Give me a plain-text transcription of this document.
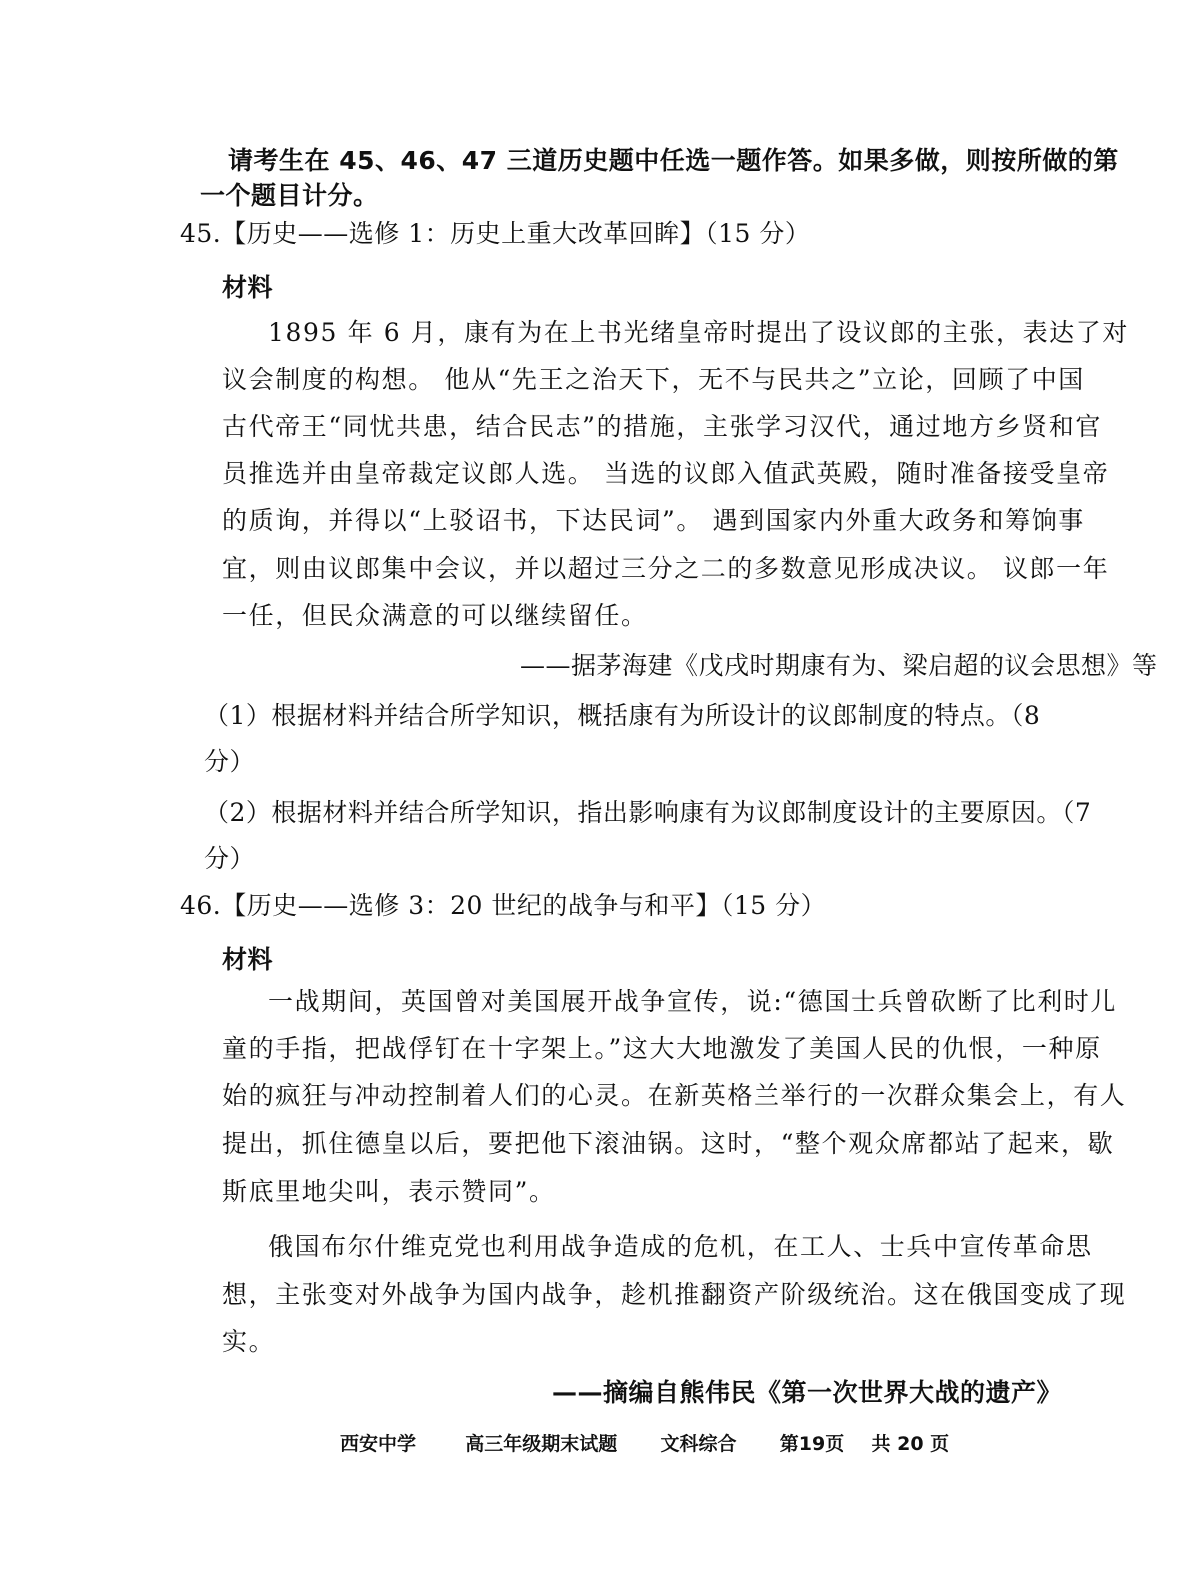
请考生在 45、46、47 三道历史题中任选一题作答。如果多做，则按所做的第
一个题目计分。
45.【历史——选修 1：历史上重大改革回眸】（15 分）
材料
1895 年 6 月，康有为在上书光绪皇帝时提出了设议郎的主张，表达了对
议会制度的构想。 他从“先王之治天下，无不与民共之”立论，回顾了中国
古代帝王“同忧共患，结合民志”的措施，主张学习汉代，通过地方乡贤和官
员推选并由皇帝裁定议郎人选。 当选的议郎入值武英殿，随时准备接受皇帝
的质询，并得以“上驳诏书，下达民词”。 遇到国家内外重大政务和筹饷事
宜，则由议郎集中会议，并以超过三分之二的多数意见形成决议。 议郎一年
一任，但民众满意的可以继续留任。
——据茅海建《戊戌时期康有为、梁启超的议会思想》等
（1）根据材料并结合所学知识，概括康有为所设计的议郎制度的特点。（8
分）
（2）根据材料并结合所学知识，指出影响康有为议郎制度设计的主要原因。（7
分）
46.【历史——选修 3：20 世纪的战争与和平】（15 分）
材料
一战期间，英国曾对美国展开战争宣传，说:“德国士兵曾砍断了比利时儿
童的手指，把战俘钉在十字架上。”这大大地激发了美国人民的仇恨，一种原
始的疯狂与冲动控制着人们的心灵。在新英格兰举行的一次群众集会上，有人
提出，抓住德皇以后，要把他下滚油锅。这时，“整个观众席都站了起来，歇
斯底里地尖叫，表示赞同”。
俄国布尔什维克党也利用战争造成的危机，在工人、士兵中宣传革命思
想，主张变对外战争为国内战争，趁机推翻资产阶级统治。这在俄国变成了现
实。
——摘编自熊伟民《第一次世界大战的遗产》
西安中学	高三年级期末试题 文科综合 第19页 共 20 页
